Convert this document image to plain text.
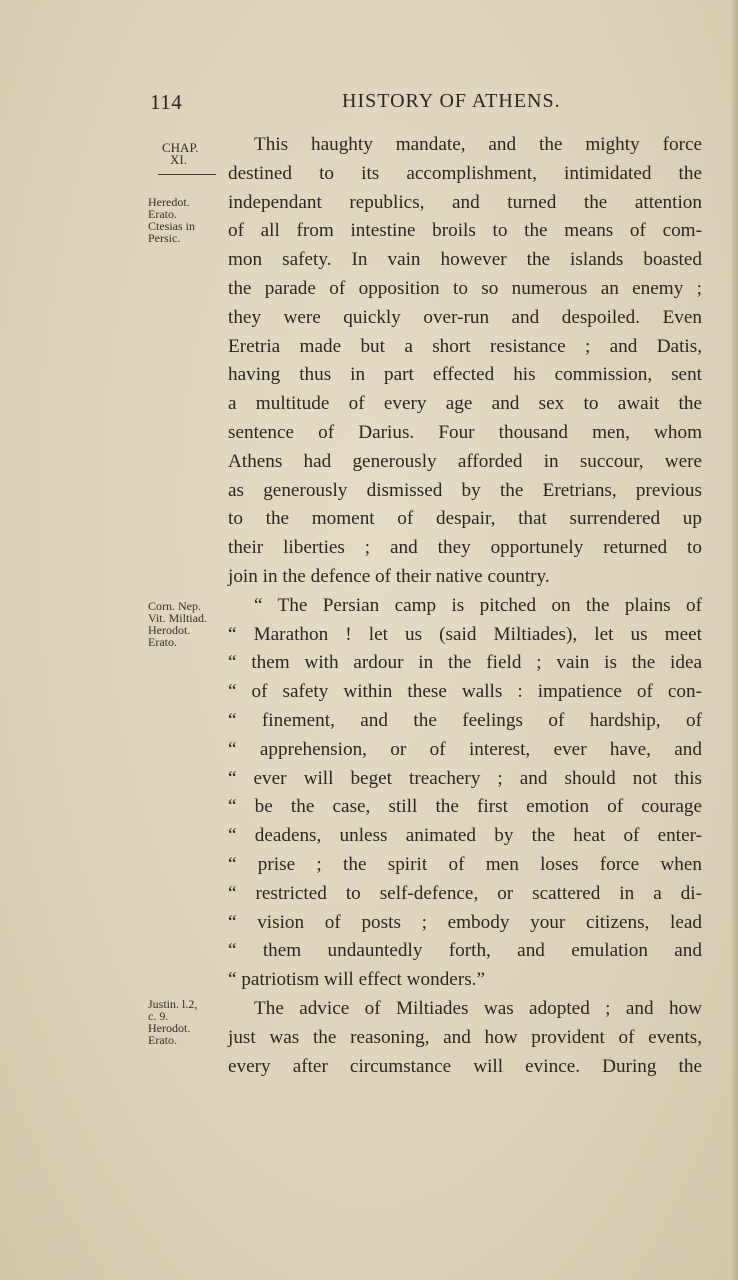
114	HISTORY OF ATHENS.
CHAP.
XI.
Heredot.
Erato.
Ctesias in
Persic.
Corn. Nep.
Vit. Miltiad.
Herodot.
Erato.
Justin. l.2,
c. 9.
Herodot.
Erato.
This haughty mandate, and the mighty force
destined to its accomplishment, intimidated the
independant republics, and turned the attention
of all from intestine broils to the means of com-
mon safety. In vain however the islands boasted
the parade of opposition to so numerous an enemy ;
they were quickly over-run and despoiled. Even
Eretria made but a short resistance ; and Datis,
having thus in part effected his commission, sent
a multitude of every age and sex to await the
sentence of Darius. Four thousand men, whom
Athens had generously afforded in succour, were
as generously dismissed by the Eretrians, previous
to the moment of despair, that surrendered up
their liberties ; and they opportunely returned to
join in the defence of their native country.
“ The Persian camp is pitched on the plains of
“ Marathon ! let us (said Miltiades), let us meet
“ them with ardour in the field ; vain is the idea
“ of safety within these walls : impatience of con-
“ finement, and the feelings of hardship, of
“ apprehension, or of interest, ever have, and
“ ever will beget treachery ; and should not this
“ be the case, still the first emotion of courage
“ deadens, unless animated by the heat of enter-
“ prise ; the spirit of men loses force when
“ restricted to self-defence, or scattered in a di-
“ vision of posts ; embody your citizens, lead
“ them undauntedly forth, and emulation and
“ patriotism will effect wonders.”
The advice of Miltiades was adopted ; and how
just was the reasoning, and how provident of events,
every after circumstance will evince. During the
